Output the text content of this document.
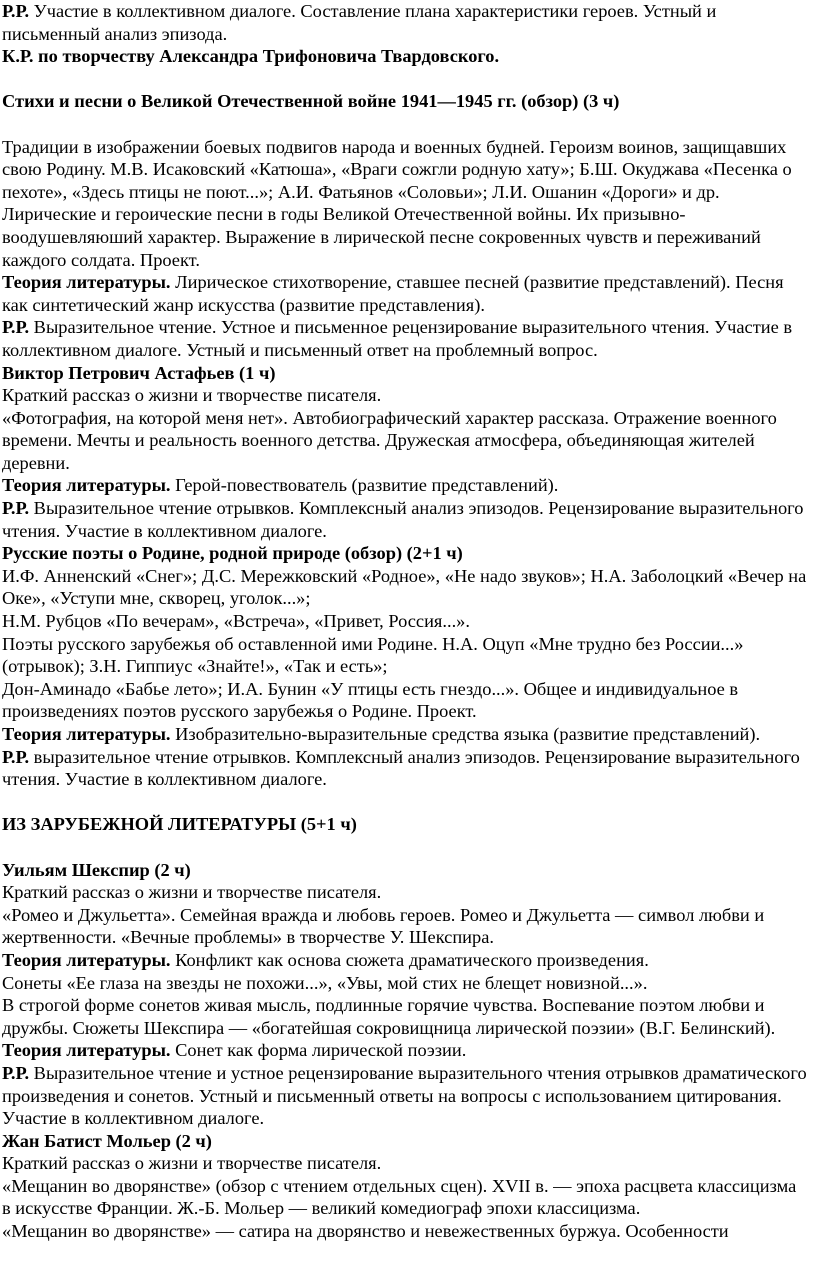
Р.Р. Участие в коллективном диалоге. Составление плана характеристики героев. Устный и письменный анализ эпизода.

К.Р. по творчеству Александра Трифоновича Твардовского.

Стихи и песни о Великой Отечественной войне 1941—1945 гг. (обзор) (3 ч)

Традиции в изображении боевых подвигов народа и военных будней. Героизм воинов, защищавших свою Родину. М.В. Исаковский «Катюша», «Враги сожгли родную хату»; Б.Ш. Окуджава «Песенка о пехоте», «Здесь птицы не поют...»; А.И. Фатьянов «Соловьи»; Л.И. Ошанин «Дороги» и др. Лирические и героические песни в годы Великой Отечественной войны. Их призывно-воодушевляюший характер. Выражение в лирической песне сокровенных чувств и переживаний каждого солдата. Проект.

Теория литературы. Лирическое стихотворение, ставшее песней (развитие представлений). Песня как синтетический жанр искусства (развитие представления).

Р.Р. Выразительное чтение. Устное и письменное рецензирование выразительного чтения. Участие в коллективном диалоге. Устный и письменный ответ на проблемный вопрос.

Виктор Петрович Астафьев (1 ч)

Краткий рассказ о жизни и творчестве писателя.

«Фотография, на которой меня нет». Автобиографический характер рассказа. Отражение военного времени. Мечты и реальность военного детства. Дружеская атмосфера, объединяющая жителей деревни.

Теория литературы. Герой-повествователь (развитие представлений).

Р.Р. Выразительное чтение отрывков. Комплексный анализ эпизодов. Рецензирование выразительного чтения. Участие в коллективном диалоге.

Русские поэты о Родине, родной природе (обзор) (2+1 ч)

И.Ф. Анненский «Снег»; Д.С. Мережковский «Родное», «Не надо звуков»; Н.А. Заболоцкий «Вечер на Оке», «Уступи мне, скворец, уголок...»;

Н.М. Рубцов «По вечерам», «Встреча», «Привет, Россия...».

Поэты русского зарубежья об оставленной ими Родине. Н.А. Оцуп «Мне трудно без России...» (отрывок); З.Н. Гиппиус «Знайте!», «Так и есть»;

Дон-Аминадо «Бабье лето»; И.А. Бунин «У птицы есть гнездо...». Общее и индивидуальное в произведениях поэтов русского зарубежья о Родине. Проект.

Теория литературы. Изобразительно-выразительные средства языка (развитие представлений).

Р.Р. выразительное чтение отрывков. Комплексный анализ эпизодов. Рецензирование выразительного чтения. Участие в коллективном диалоге.

ИЗ ЗАРУБЕЖНОЙ ЛИТЕРАТУРЫ (5+1 ч)

Уильям Шекспир (2 ч)

Краткий рассказ о жизни и творчестве писателя.

«Ромео и Джульетта». Семейная вражда и любовь героев. Ромео и Джульетта — символ любви и жертвенности. «Вечные проблемы» в творчестве У. Шекспира.

Теория литературы. Конфликт как основа сюжета драматического произведения.

Сонеты «Ее глаза на звезды не похожи...», «Увы, мой стих не блещет новизной...».

В строгой форме сонетов живая мысль, подлинные горячие чувства. Воспевание поэтом любви и дружбы. Сюжеты Шекспира — «богатейшая сокровищница лирической поэзии» (В.Г. Белинский).

Теория литературы. Сонет как форма лирической поэзии.

Р.Р. Выразительное чтение и устное рецензирование выразительного чтения отрывков драматического произведения и сонетов. Устный и письменный ответы на вопросы с использованием цитирования. Участие в коллективном диалоге.

Жан Батист Мольер (2 ч)

Краткий рассказ о жизни и творчестве писателя.

«Мещанин во дворянстве» (обзор с чтением отдельных сцен). XVII в. — эпоха расцвета классицизма в искусстве Франции. Ж.-Б. Мольер — великий комедиограф эпохи классицизма.

«Мещанин во дворянстве» — сатира на дворянство и невежественных буржуа. Особенности
